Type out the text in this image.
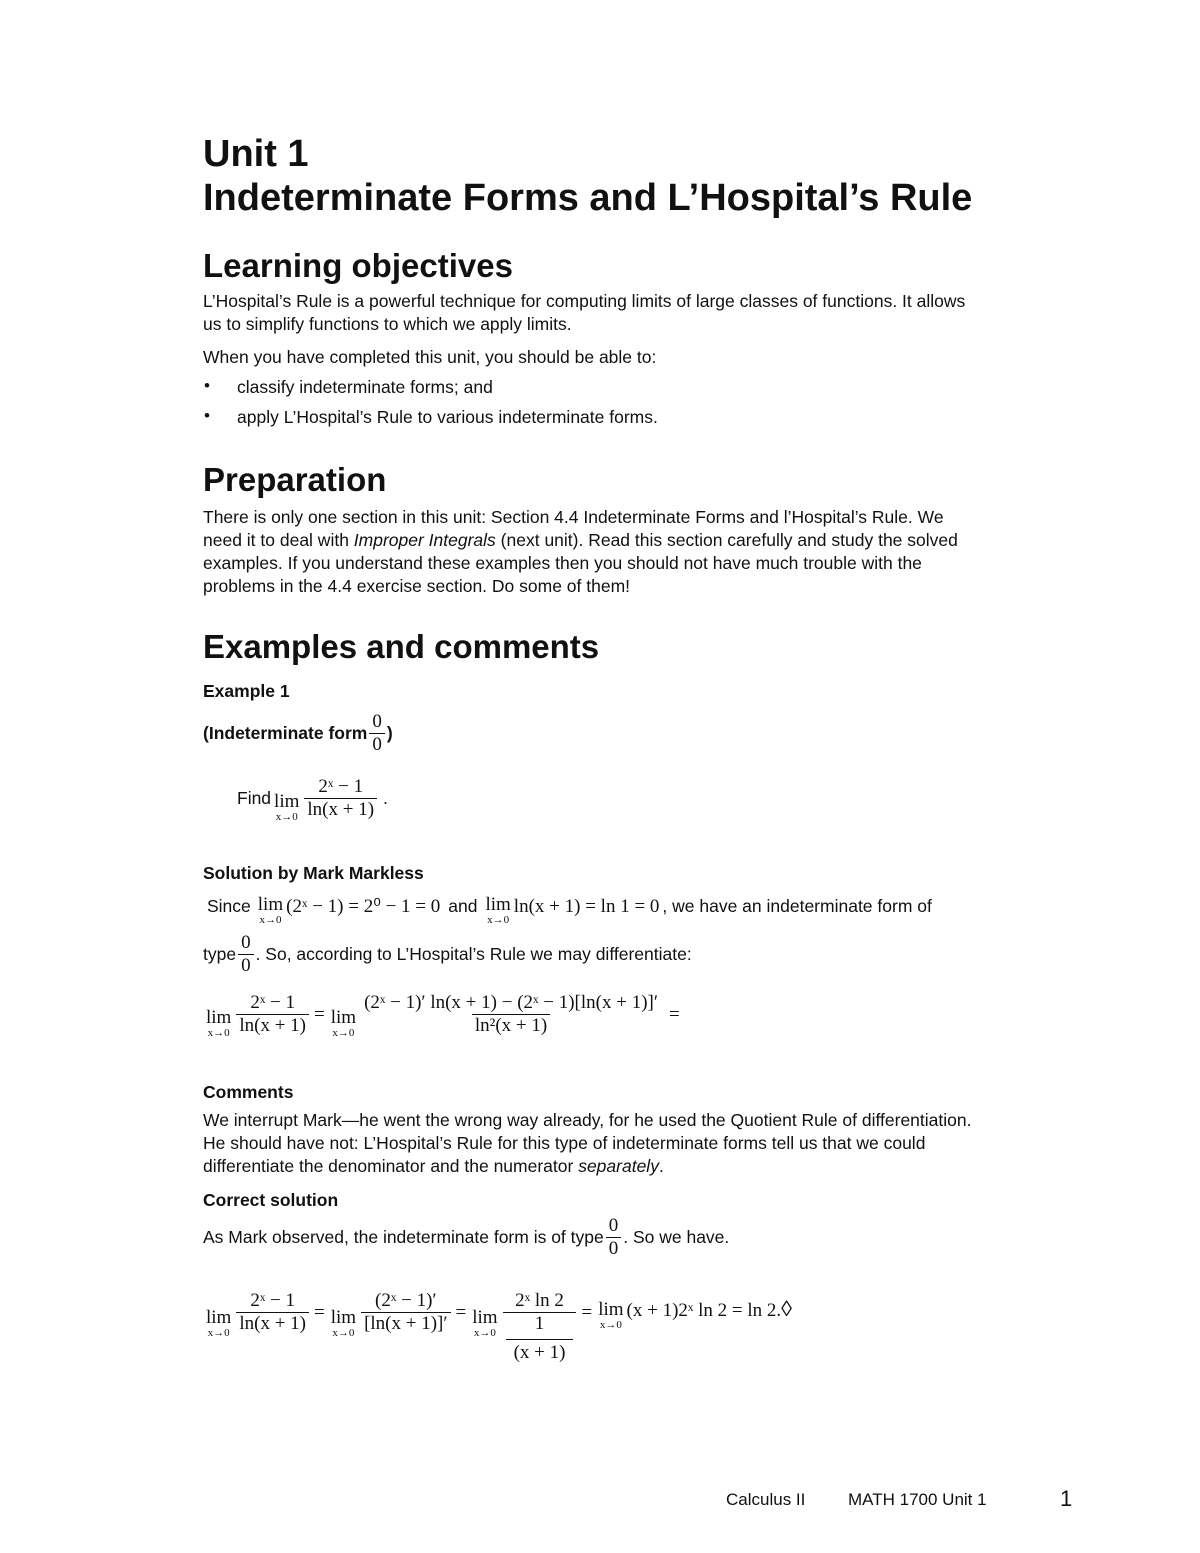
Unit 1
Indeterminate Forms and L’Hospital’s Rule
Learning objectives
L’Hospital’s Rule is a powerful technique for computing limits of large classes of functions. It allows
us to simplify functions to which we apply limits.
When you have completed this unit, you should be able to:
• classify indeterminate forms; and
• apply L’Hospital’s Rule to various indeterminate forms.
Preparation
There is only one section in this unit: Section 4.4 Indeterminate Forms and l’Hospital’s Rule. We
need it to deal with Improper Integrals (next unit). Read this section carefully and study the solved
examples. If you understand these examples then you should not have much trouble with the
problems in the 4.4 exercise section. Do some of them!
Examples and comments
Example 1
(Indeterminate form $\frac{0}{0}$ )
Find lim
$x\to 0 \frac{\text{2ˣ − 1}}{\ln(x + 1)}$ .
Solution by Mark Markless
Since lim
x→0
(2ˣ − 1) = 2⁰ − 1 = 0 and lim
x→0
ln(x + 1) = ln 1 = 0 , we have an indeterminate form of
type $\frac{0}{0}$ . So, according to L’Hospital’s Rule we may differentiate:
lim
$x\to 0 \frac{\text{2ˣ − 1}}{\ln(x + 1)} = \lim$
$x\to 0 \frac{\text{(2ˣ − 1)′ ln(x + 1) − (2ˣ − 1)[ln(x + 1)]′}}{\text{ln²(x + 1)}}$ =
Comments
We interrupt Mark—he went the wrong way already, for he used the Quotient Rule of differentiation.
He should have not: L’Hospital’s Rule for this type of indeterminate forms tell us that we could
differentiate the denominator and the numerator separately.
Correct solution
As Mark observed, the indeterminate form is of type $\frac{0}{0}$ . So we have.
lim
$x\to 0 \frac{\text{2ˣ − 1}}{\ln(x + 1)} = \lim$
$x\to 0 \frac{\text{(2ˣ − 1)′}}{[\ln(x + 1)]'} = \lim$
x→0 2ˣ ln 2
1
(x + 1) = lim
x→0
(x + 1)2ˣ ln 2 = ln 2. ◊
Calculus II	MATH 1700 Unit 1	1
